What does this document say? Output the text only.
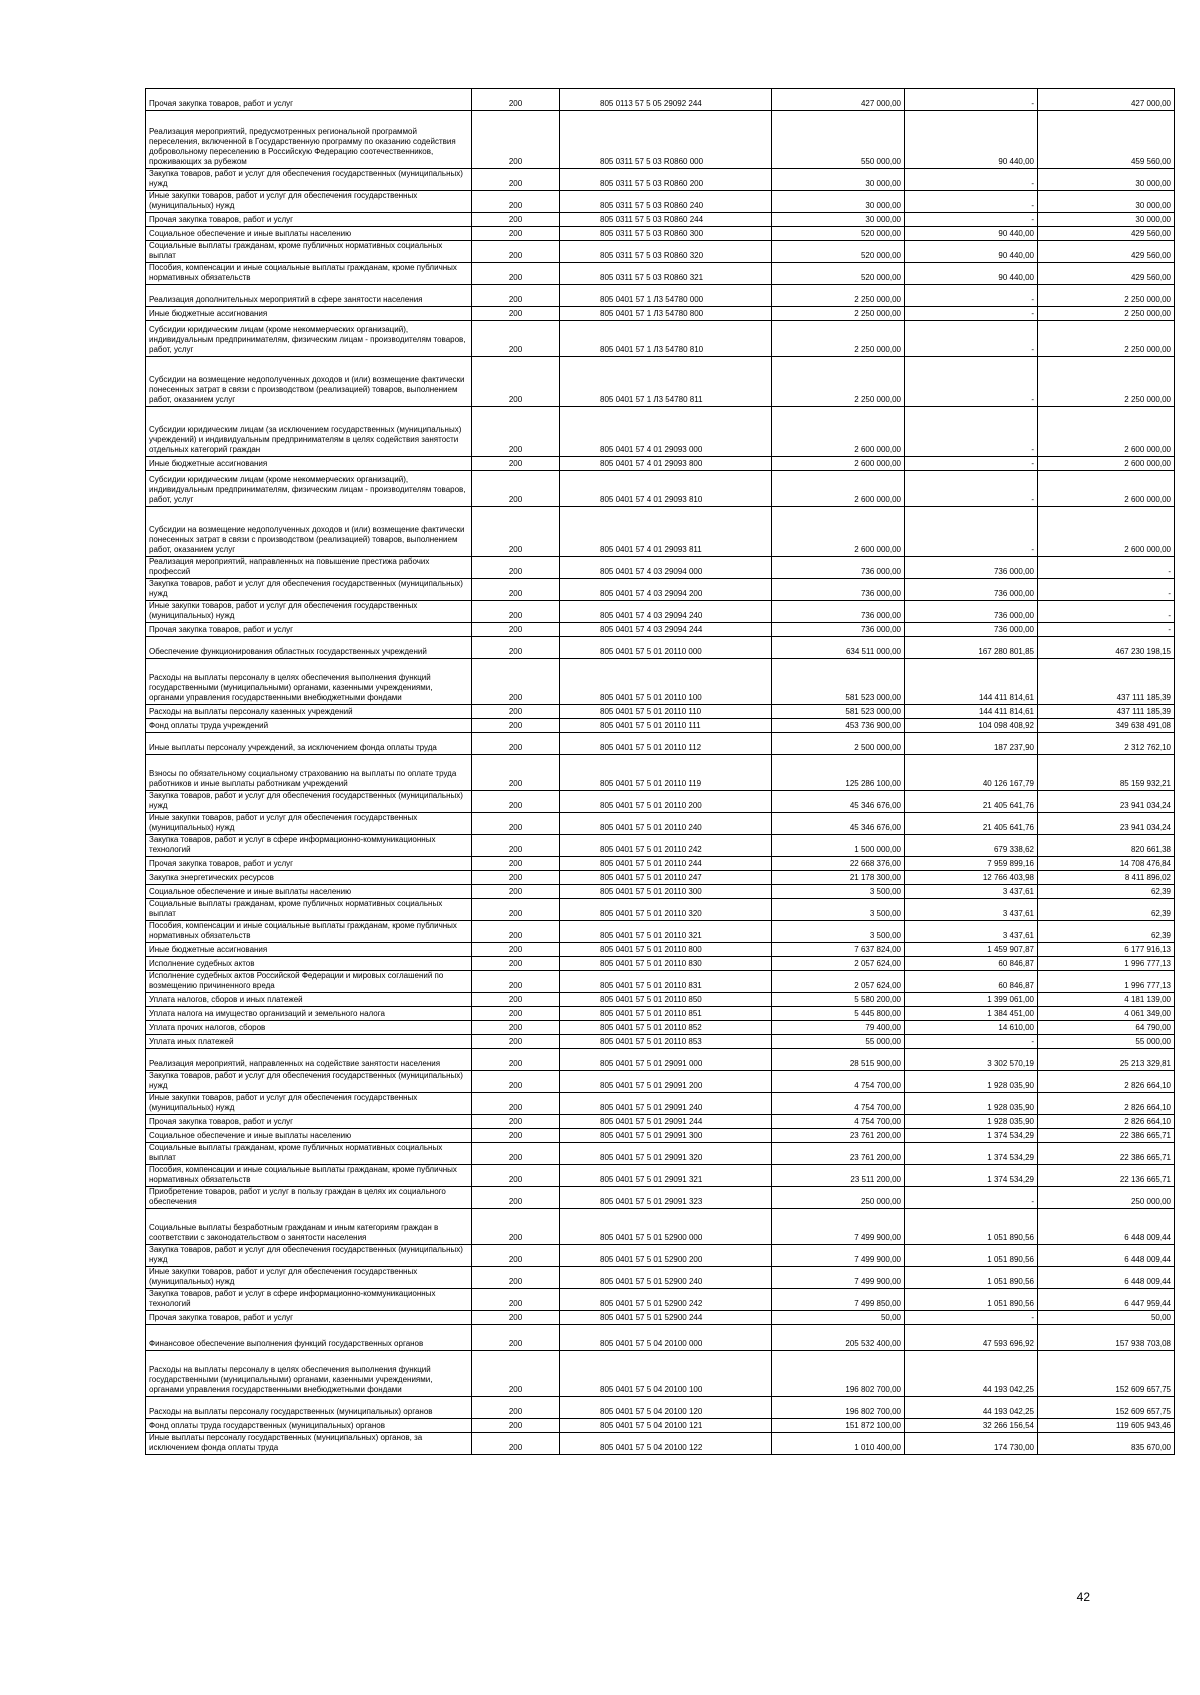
Прочая закупка товаров, работ и услуг	200	805 0113 57 5 05 29092 244	427 000,00	-	427 000,00
Реализация мероприятий, предусмотренных региональной программой переселения, включенной в Государственную программу по оказанию содействия добровольному переселению в Российскую Федерацию соотечественников, проживающих за рубежом	200	805 0311 57 5 03 R0860 000	550 000,00	90 440,00	459 560,00
Закупка товаров, работ и услуг для обеспечения государственных (муниципальных) нужд	200	805 0311 57 5 03 R0860 200	30 000,00	-	30 000,00
Иные закупки товаров, работ и услуг для обеспечения государственных (муниципальных) нужд	200	805 0311 57 5 03 R0860 240	30 000,00	-	30 000,00
Прочая закупка товаров, работ и услуг	200	805 0311 57 5 03 R0860 244	30 000,00	-	30 000,00
Социальное обеспечение и иные выплаты населению	200	805 0311 57 5 03 R0860 300	520 000,00	90 440,00	429 560,00
Социальные выплаты гражданам, кроме публичных нормативных социальных выплат	200	805 0311 57 5 03 R0860 320	520 000,00	90 440,00	429 560,00
Пособия, компенсации и иные социальные выплаты гражданам, кроме публичных нормативных обязательств	200	805 0311 57 5 03 R0860 321	520 000,00	90 440,00	429 560,00
Реализация дополнительных мероприятий в сфере занятости населения	200	805 0401 57 1 Л3 54780 000	2 250 000,00	-	2 250 000,00
Иные бюджетные ассигнования	200	805 0401 57 1 Л3 54780 800	2 250 000,00	-	2 250 000,00
Субсидии юридическим лицам (кроме некоммерческих организаций), индивидуальным предпринимателям, физическим лицам - производителям товаров, работ, услуг	200	805 0401 57 1 Л3 54780 810	2 250 000,00	-	2 250 000,00
Субсидии на возмещение недополученных доходов и (или) возмещение фактически понесенных затрат в связи с производством (реализацией) товаров, выполнением работ, оказанием услуг	200	805 0401 57 1 Л3 54780 811	2 250 000,00	-	2 250 000,00
Субсидии юридическим лицам (за исключением государственных (муниципальных) учреждений) и индивидуальным предпринимателям в целях содействия занятости отдельных категорий граждан	200	805 0401 57 4 01 29093 000	2 600 000,00	-	2 600 000,00
Иные бюджетные ассигнования	200	805 0401 57 4 01 29093 800	2 600 000,00	-	2 600 000,00
Субсидии юридическим лицам (кроме некоммерческих организаций), индивидуальным предпринимателям, физическим лицам - производителям товаров, работ, услуг	200	805 0401 57 4 01 29093 810	2 600 000,00	-	2 600 000,00
Субсидии на возмещение недополученных доходов и (или) возмещение фактически понесенных затрат в связи с производством (реализацией) товаров, выполнением работ, оказанием услуг	200	805 0401 57 4 01 29093 811	2 600 000,00	-	2 600 000,00
Реализация мероприятий, направленных на повышение престижа рабочих профессий	200	805 0401 57 4 03 29094 000	736 000,00	736 000,00	-
Закупка товаров, работ и услуг для обеспечения государственных (муниципальных) нужд	200	805 0401 57 4 03 29094 200	736 000,00	736 000,00	-
Иные закупки товаров, работ и услуг для обеспечения государственных (муниципальных) нужд	200	805 0401 57 4 03 29094 240	736 000,00	736 000,00	-
Прочая закупка товаров, работ и услуг	200	805 0401 57 4 03 29094 244	736 000,00	736 000,00	-
Обеспечение функционирования областных государственных учреждений	200	805 0401 57 5 01 20110 000	634 511 000,00	167 280 801,85	467 230 198,15
Расходы на выплаты персоналу в целях обеспечения выполнения функций государственными (муниципальными) органами, казенными учреждениями, органами управления государственными внебюджетными фондами	200	805 0401 57 5 01 20110 100	581 523 000,00	144 411 814,61	437 111 185,39
Расходы на выплаты персоналу казенных учреждений	200	805 0401 57 5 01 20110 110	581 523 000,00	144 411 814,61	437 111 185,39
Фонд оплаты труда учреждений	200	805 0401 57 5 01 20110 111	453 736 900,00	104 098 408,92	349 638 491,08
Иные выплаты персоналу учреждений, за исключением фонда оплаты труда	200	805 0401 57 5 01 20110 112	2 500 000,00	187 237,90	2 312 762,10
Взносы по обязательному социальному страхованию на выплаты по оплате труда работников и иные выплаты работникам учреждений	200	805 0401 57 5 01 20110 119	125 286 100,00	40 126 167,79	85 159 932,21
Закупка товаров, работ и услуг для обеспечения государственных (муниципальных) нужд	200	805 0401 57 5 01 20110 200	45 346 676,00	21 405 641,76	23 941 034,24
Иные закупки товаров, работ и услуг для обеспечения государственных (муниципальных) нужд	200	805 0401 57 5 01 20110 240	45 346 676,00	21 405 641,76	23 941 034,24
Закупка товаров, работ и услуг в сфере информационно-коммуникационных технологий	200	805 0401 57 5 01 20110 242	1 500 000,00	679 338,62	820 661,38
Прочая закупка товаров, работ и услуг	200	805 0401 57 5 01 20110 244	22 668 376,00	7 959 899,16	14 708 476,84
Закупка энергетических ресурсов	200	805 0401 57 5 01 20110 247	21 178 300,00	12 766 403,98	8 411 896,02
Социальное обеспечение и иные выплаты населению	200	805 0401 57 5 01 20110 300	3 500,00	3 437,61	62,39
Социальные выплаты гражданам, кроме публичных нормативных социальных выплат	200	805 0401 57 5 01 20110 320	3 500,00	3 437,61	62,39
Пособия, компенсации и иные социальные выплаты гражданам, кроме публичных нормативных обязательств	200	805 0401 57 5 01 20110 321	3 500,00	3 437,61	62,39
Иные бюджетные ассигнования	200	805 0401 57 5 01 20110 800	7 637 824,00	1 459 907,87	6 177 916,13
Исполнение судебных актов	200	805 0401 57 5 01 20110 830	2 057 624,00	60 846,87	1 996 777,13
Исполнение судебных актов Российской Федерации и мировых соглашений по возмещению причиненного вреда	200	805 0401 57 5 01 20110 831	2 057 624,00	60 846,87	1 996 777,13
Уплата налогов, сборов и иных платежей	200	805 0401 57 5 01 20110 850	5 580 200,00	1 399 061,00	4 181 139,00
Уплата налога на имущество организаций и земельного налога	200	805 0401 57 5 01 20110 851	5 445 800,00	1 384 451,00	4 061 349,00
Уплата прочих налогов, сборов	200	805 0401 57 5 01 20110 852	79 400,00	14 610,00	64 790,00
Уплата иных платежей	200	805 0401 57 5 01 20110 853	55 000,00	-	55 000,00
Реализация мероприятий, направленных на содействие занятости населения	200	805 0401 57 5 01 29091 000	28 515 900,00	3 302 570,19	25 213 329,81
Закупка товаров, работ и услуг для обеспечения государственных (муниципальных) нужд	200	805 0401 57 5 01 29091 200	4 754 700,00	1 928 035,90	2 826 664,10
Иные закупки товаров, работ и услуг для обеспечения государственных (муниципальных) нужд	200	805 0401 57 5 01 29091 240	4 754 700,00	1 928 035,90	2 826 664,10
Прочая закупка товаров, работ и услуг	200	805 0401 57 5 01 29091 244	4 754 700,00	1 928 035,90	2 826 664,10
Социальное обеспечение и иные выплаты населению	200	805 0401 57 5 01 29091 300	23 761 200,00	1 374 534,29	22 386 665,71
Социальные выплаты гражданам, кроме публичных нормативных социальных выплат	200	805 0401 57 5 01 29091 320	23 761 200,00	1 374 534,29	22 386 665,71
Пособия, компенсации и иные социальные выплаты гражданам, кроме публичных нормативных обязательств	200	805 0401 57 5 01 29091 321	23 511 200,00	1 374 534,29	22 136 665,71
Приобретение товаров, работ и услуг в пользу граждан в целях их социального обеспечения	200	805 0401 57 5 01 29091 323	250 000,00	-	250 000,00
Социальные выплаты безработным гражданам и иным категориям граждан в соответствии с законодательством о занятости населения	200	805 0401 57 5 01 52900 000	7 499 900,00	1 051 890,56	6 448 009,44
Закупка товаров, работ и услуг для обеспечения государственных (муниципальных) нужд	200	805 0401 57 5 01 52900 200	7 499 900,00	1 051 890,56	6 448 009,44
Иные закупки товаров, работ и услуг для обеспечения государственных (муниципальных) нужд	200	805 0401 57 5 01 52900 240	7 499 900,00	1 051 890,56	6 448 009,44
Закупка товаров, работ и услуг в сфере информационно-коммуникационных технологий	200	805 0401 57 5 01 52900 242	7 499 850,00	1 051 890,56	6 447 959,44
Прочая закупка товаров, работ и услуг	200	805 0401 57 5 01 52900 244	50,00	-	50,00
Финансовое обеспечение выполнения функций государственных органов	200	805 0401 57 5 04 20100 000	205 532 400,00	47 593 696,92	157 938 703,08
Расходы на выплаты персоналу в целях обеспечения выполнения функций государственными (муниципальными) органами, казенными учреждениями, органами управления государственными внебюджетными фондами	200	805 0401 57 5 04 20100 100	196 802 700,00	44 193 042,25	152 609 657,75
Расходы на выплаты персоналу государственных (муниципальных) органов	200	805 0401 57 5 04 20100 120	196 802 700,00	44 193 042,25	152 609 657,75
Фонд оплаты труда государственных (муниципальных) органов	200	805 0401 57 5 04 20100 121	151 872 100,00	32 266 156,54	119 605 943,46
Иные выплаты персоналу государственных (муниципальных) органов, за исключением фонда оплаты труда	200	805 0401 57 5 04 20100 122	1 010 400,00	174 730,00	835 670,00
42
